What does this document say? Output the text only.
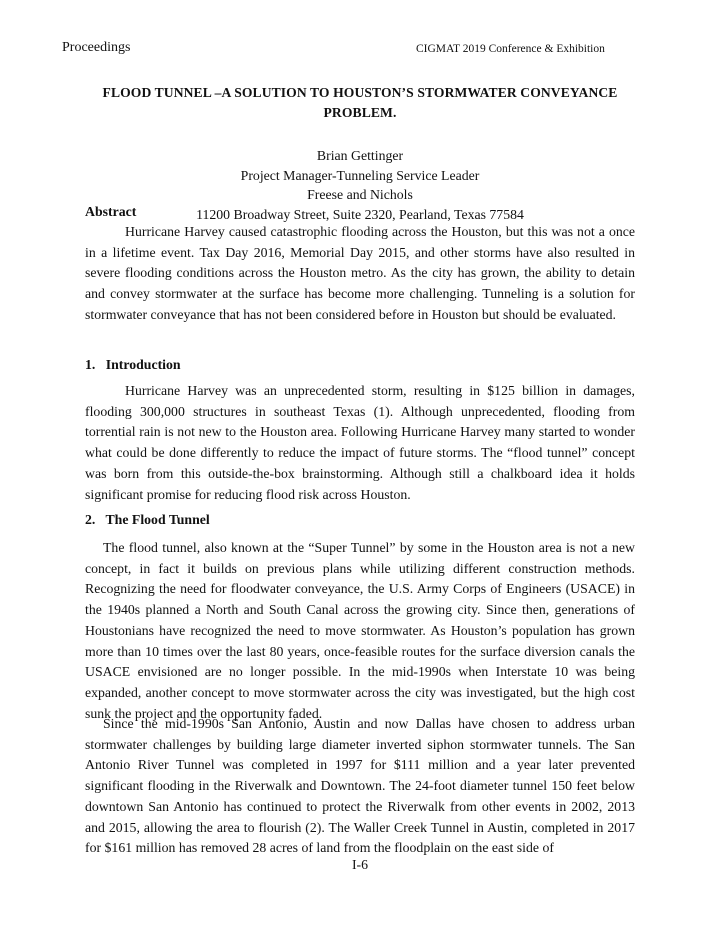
Proceedings	CIGMAT 2019 Conference & Exhibition
FLOOD TUNNEL –A SOLUTION TO HOUSTON’S STORMWATER CONVEYANCE PROBLEM.
Brian Gettinger
Project Manager-Tunneling Service Leader
Freese and Nichols
11200 Broadway Street, Suite 2320, Pearland, Texas 77584
Abstract

Hurricane Harvey caused catastrophic flooding across the Houston, but this was not a once in a lifetime event. Tax Day 2016, Memorial Day 2015, and other storms have also resulted in severe flooding conditions across the Houston metro. As the city has grown, the ability to detain and convey stormwater at the surface has become more challenging. Tunneling is a solution for stormwater conveyance that has not been considered before in Houston but should be evaluated.

1.  Introduction

Hurricane Harvey was an unprecedented storm, resulting in $125 billion in damages, flooding 300,000 structures in southeast Texas (1). Although unprecedented, flooding from torrential rain is not new to the Houston area. Following Hurricane Harvey many started to wonder what could be done differently to reduce the impact of future storms. The “flood tunnel” concept was born from this outside-the-box brainstorming. Although still a chalkboard idea it holds significant promise for reducing flood risk across Houston.

2.  The Flood Tunnel

The flood tunnel, also known at the “Super Tunnel” by some in the Houston area is not a new concept, in fact it builds on previous plans while utilizing different construction methods. Recognizing the need for floodwater conveyance, the U.S. Army Corps of Engineers (USACE) in the 1940s planned a North and South Canal across the growing city. Since then, generations of Houstonians have recognized the need to move stormwater. As Houston’s population has grown more than 10 times over the last 80 years, once-feasible routes for the surface diversion canals the USACE envisioned are no longer possible. In the mid-1990s when Interstate 10 was being expanded, another concept to move stormwater across the city was investigated, but the high cost sunk the project and the opportunity faded.

Since the mid-1990s San Antonio, Austin and now Dallas have chosen to address urban stormwater challenges by building large diameter inverted siphon stormwater tunnels. The San Antonio River Tunnel was completed in 1997 for $111 million and a year later prevented significant flooding in the Riverwalk and Downtown. The 24-foot diameter tunnel 150 feet below downtown San Antonio has continued to protect the Riverwalk from other events in 2002, 2013 and 2015, allowing the area to flourish (2). The Waller Creek Tunnel in Austin, completed in 2017 for $161 million has removed 28 acres of land from the floodplain on the east side of

I-6
